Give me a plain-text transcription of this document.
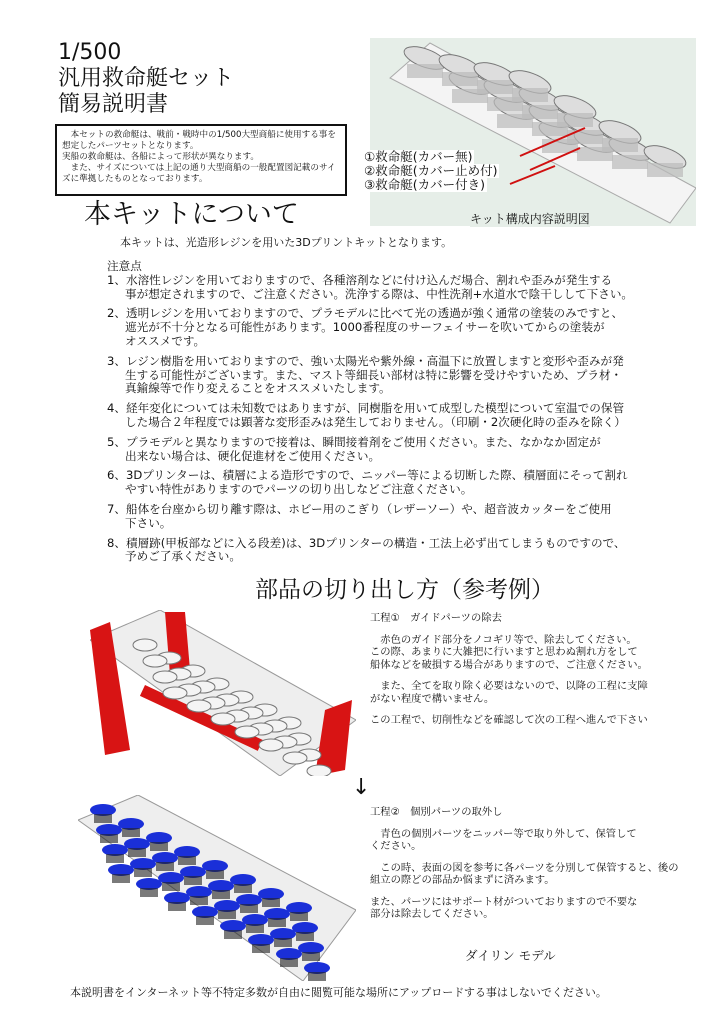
1/500
汎用救命艇セット
簡易説明書
　本セットの救命艇は、戦前・戦時中の1/500大型商船に使用する事を想定したパーツセットとなります。
実船の救命艇は、各船によって形状が異なります。
　また、サイズについては上記の通り大型商船の一般配置図記載のサイズに準拠したものとなっております。
①救命艇(カバー無)
②救命艇(カバー止め付)
③救命艇(カバー付き)
キット構成内容説明図
本キットについて
本キットは、光造形レジンを用いた3Dプリントキットとなります。
注意点
1、水溶性レジンを用いておりますので、各種溶剤などに付け込んだ場合、割れや歪みが発生する
事が想定されますので、ご注意ください。洗浄する際は、中性洗剤+水道水で陰干しして下さい。
2、透明レジンを用いておりますので、プラモデルに比べて光の透過が強く通常の塗装のみですと、
遮光が不十分となる可能性があります。1000番程度のサーフェイサーを吹いてからの塗装が
オススメです。
3、レジン樹脂を用いておりますので、強い太陽光や紫外線・高温下に放置しますと変形や歪みが発
生する可能性がございます。また、マスト等細長い部材は特に影響を受けやすいため、プラ材・
真鍮線等で作り変えることをオススメいたします。
4、経年変化については未知数ではありますが、同樹脂を用いて成型した模型について室温での保管
した場合２年程度では顕著な変形歪みは発生しておりません。（印刷・2次硬化時の歪みを除く）
5、プラモデルと異なりますので接着は、瞬間接着剤をご使用ください。また、なかなか固定が
出来ない場合は、硬化促進材をご使用ください。
6、3Dプリンターは、積層による造形ですので、ニッパー等による切断した際、積層面にそって割れ
やすい特性がありますのでパーツの切り出しなどご注意ください。
7、船体を台座から切り離す際は、ホビー用のこぎり（レザーソー）や、超音波カッターをご使用
下さい。
8、積層跡(甲板部などに入る段差)は、3Dプリンターの構造・工法上必ず出てしまうものですので、
予めご了承ください。
部品の切り出し方（参考例）

工程①　ガイドパーツの除去

　赤色のガイド部分をノコギリ等で、除去してください。
この際、あまりに大雑把に行いますと思わぬ割れ方をして
船体などを破損する場合がありますので、ご注意ください。

　また、全てを取り除く必要はないので、以降の工程に支障
がない程度で構いません。

この工程で、切削性などを確認して次の工程へ進んで下さい

↓

工程②　個別パーツの取外し

　青色の個別パーツをニッパー等で取り外して、保管して
ください。

　この時、表面の図を参考に各パーツを分別して保管すると、後の組立の際どの部品か悩まずに済みます。

また、パーツにはサポート材がついておりますので不要な
部分は除去してください。

ダイリン モデル
本説明書をインターネット等不特定多数が自由に閲覧可能な場所にアップロードする事はしないでください。
